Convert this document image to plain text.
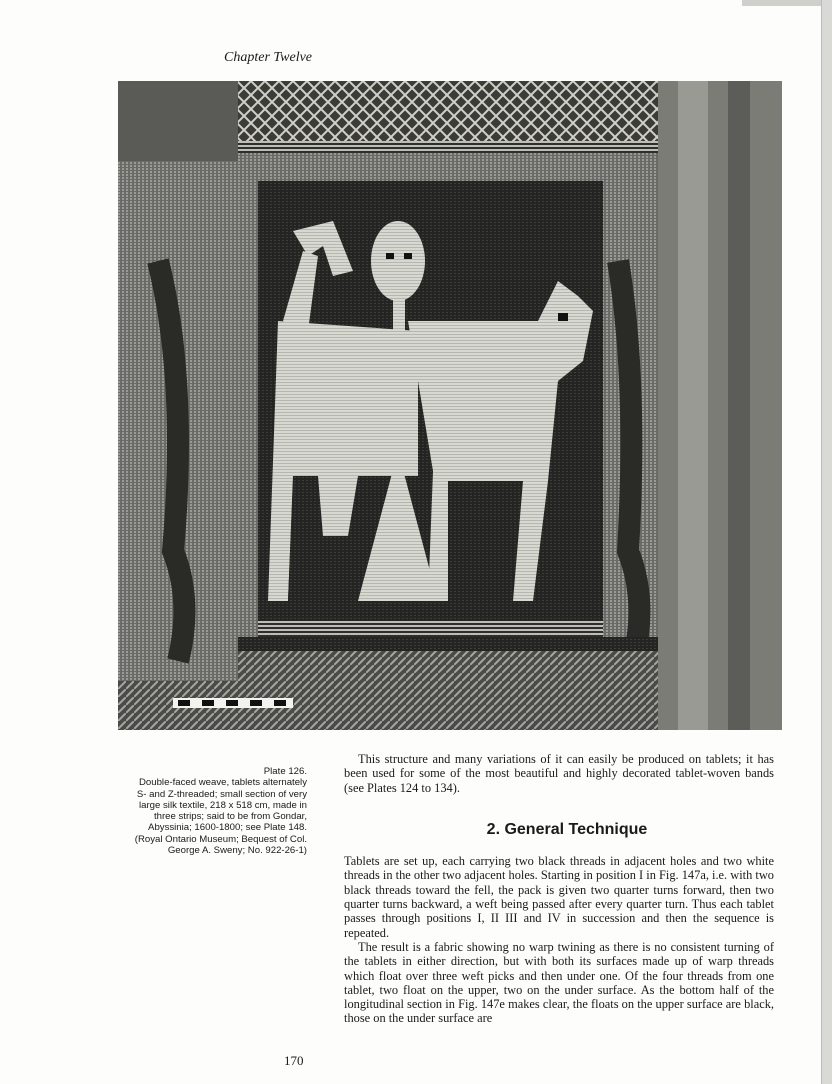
Chapter Twelve

Plate 126.

Double-faced weave, tablets alternately

S- and Z-threaded; small section of very

large silk textile, 218 x 518 cm, made in

three strips; said to be from Gondar,

Abyssinia; 1600-1800; see Plate 148.

(Royal Ontario Museum; Bequest of Col.

George A. Sweny; No. 922-26-1)

This structure and many variations of it can easily be produced on tablets; it has been used for some of the most beautiful and highly decorated tablet-woven bands (see Plates 124 to 134).

2. General Technique

Tablets are set up, each carrying two black threads in adjacent holes and two white threads in the other two adjacent holes. Starting in position I in Fig. 147a, i.e. with two black threads toward the fell, the pack is given two quarter turns forward, then two quarter turns backward, a weft being passed after every quarter turn. Thus each tablet passes through positions I, II III and IV in succession and then the sequence is repeated.

The result is a fabric showing no warp twining as there is no consistent turning of the tablets in either direction, but with both its surfaces made up of warp threads which float over three weft picks and then under one. Of the four threads from one tablet, two float on the upper, two on the under surface. As the bottom half of the longitudinal section in Fig. 147e makes clear, the floats on the upper surface are black, those on the under surface are

170
